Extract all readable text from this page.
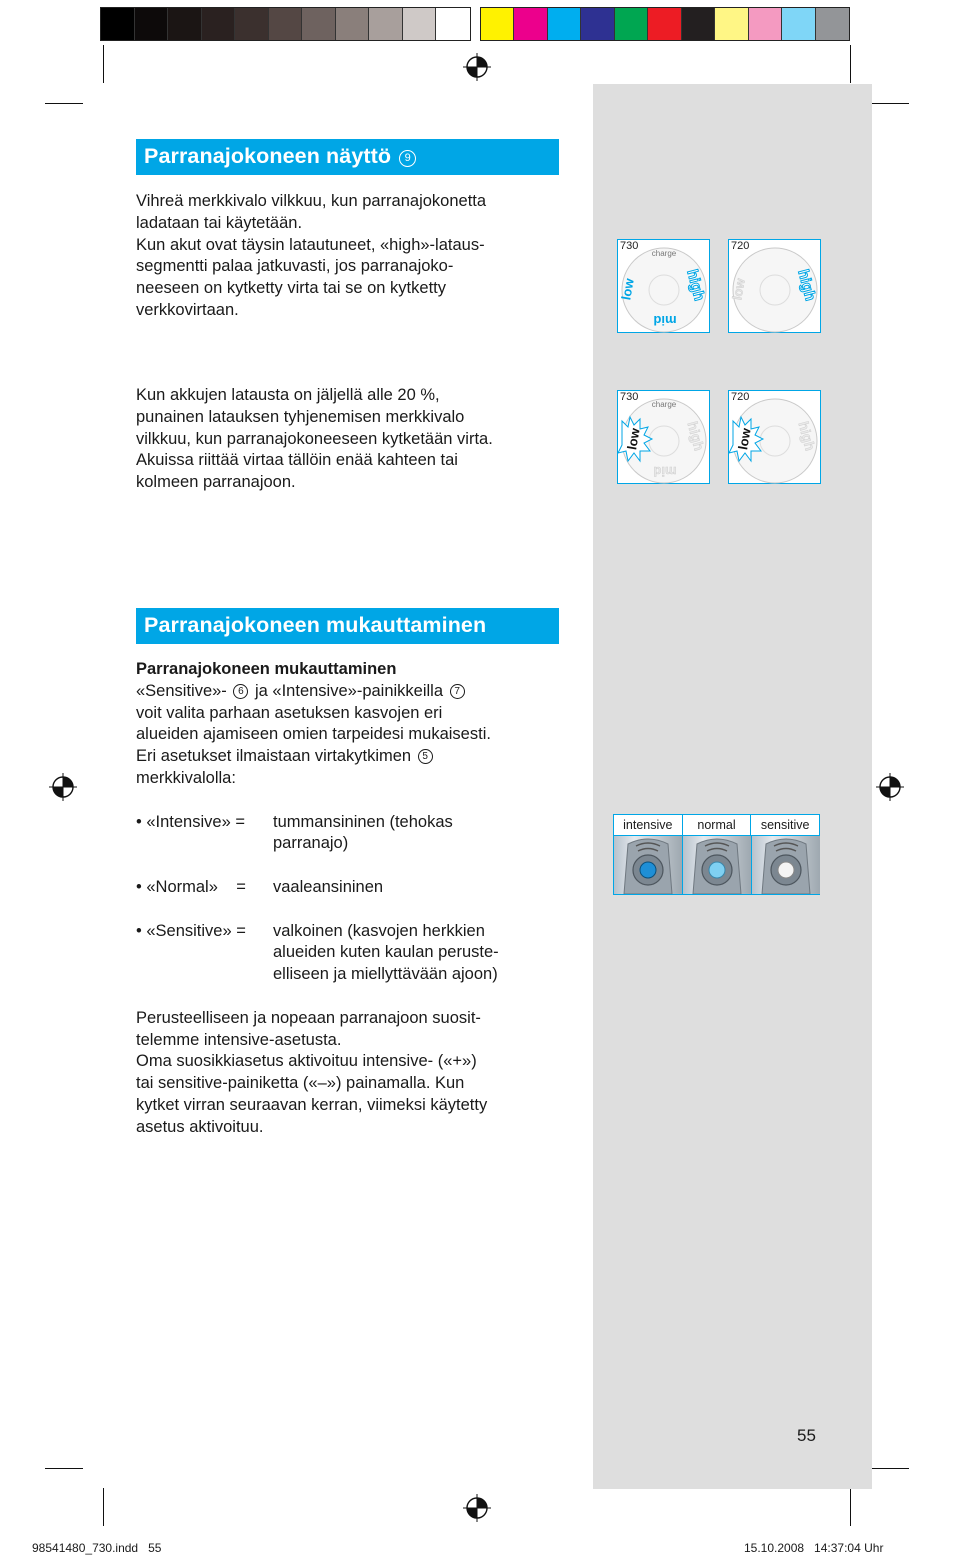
Parranajokoneen näyttö 9

Vihreä merkkivalo vilkkuu, kun parranajokonetta

ladataan tai käytetään.

Kun akut ovat täysin latautuneet, «high»-lataus-

segmentti palaa jatkuvasti, jos parranajoko-

neeseen on kytketty virta tai se on kytketty

verkkovirtaan.

Kun akkujen latausta on jäljellä alle 20 %,

punainen latauksen tyhjenemisen merkkivalo

vilkkuu, kun parranajokoneeseen kytketään virta.

Akuissa riittää virtaa tällöin enää kahteen tai

kolmeen parranajoon.

charge
low
mid
high
730
low	high
720
charge
low
mid
high
730
low	high
720
Parranajokoneen mukauttaminen

Parranajokoneen mukauttaminen

«Sensitive»- 6 ja «Intensive»-painikkeilla 7

voit valita parhaan asetuksen kasvojen eri

alueiden ajamiseen omien tarpeidesi mukaisesti.

Eri asetukset ilmaistaan virtakytkimen 5

merkkivalolla:

• «Intensive» =	tummansininen (tehokas

parranajo)

• «Normal»    =	vaaleansininen

• «Sensitive» =	valkoinen (kasvojen herkkien

alueiden kuten kaulan peruste-

elliseen ja miellyttävään ajoon)

Perusteelliseen ja nopeaan parranajoon suosit-

telemme intensive-asetusta.

Oma suosikkiasetus aktivoituu intensive- («+»)

tai sensitive-painiketta («–») painamalla. Kun

kytket virran seuraavan kerran, viimeksi käytetty

asetus aktivoituu.

intensive	normal	sensitive
55
98541480_730.indd   55	15.10.2008   14:37:04 Uhr
